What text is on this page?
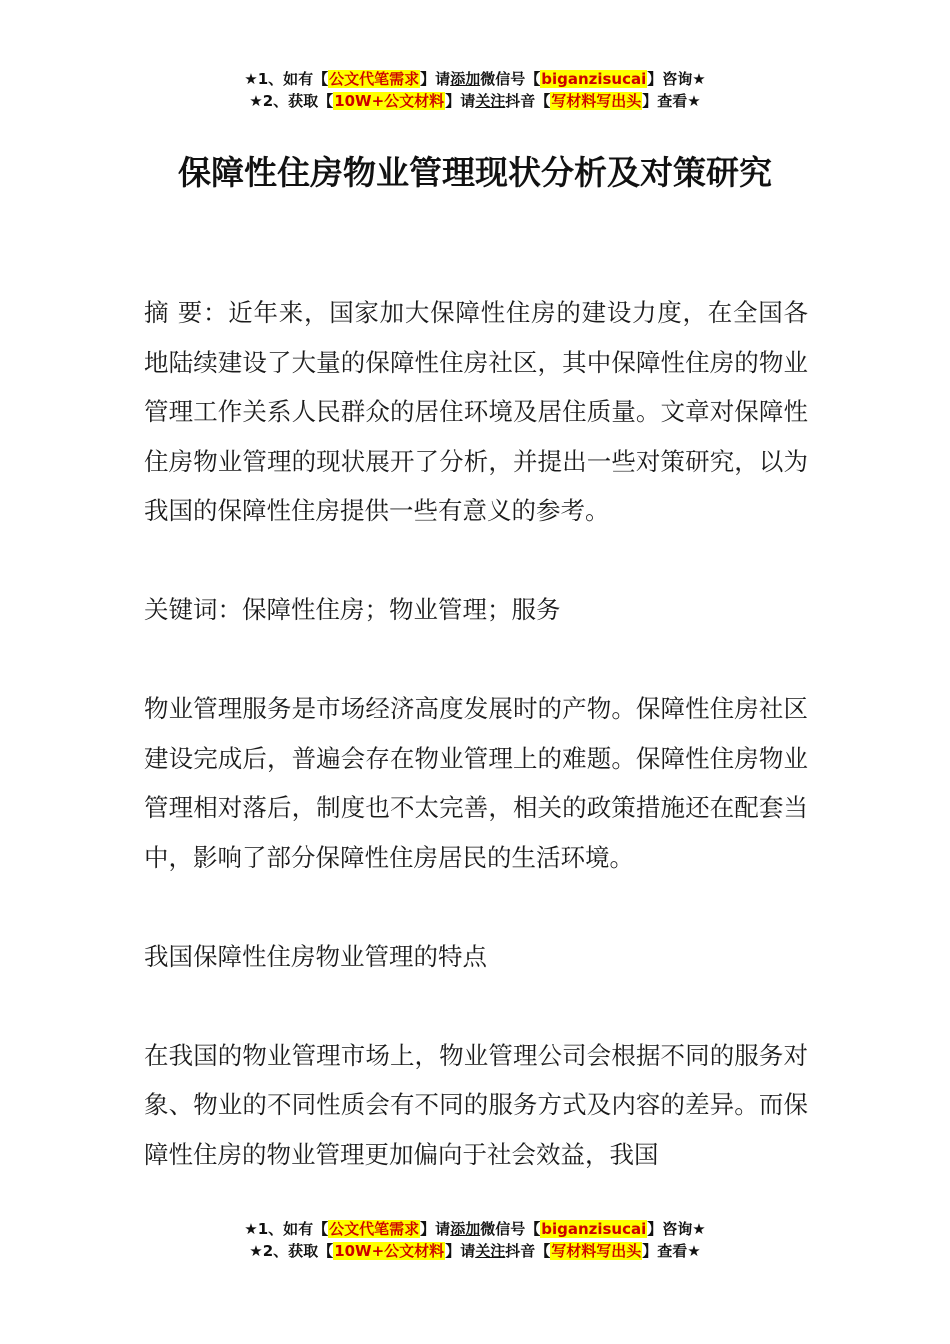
★1、如有【公文代笔需求】请添加微信号【biganzisucai】咨询★
★2、获取【10W+公文材料】请关注抖音【写材料写出头】查看★
保障性住房物业管理现状分析及对策研究

摘 要：近年来，国家加大保障性住房的建设力度，在全国各地陆续建设了大量的保障性住房社区，其中保障性住房的物业管理工作关系人民群众的居住环境及居住质量。文章对保障性住房物业管理的现状展开了分析，并提出一些对策研究，以为我国的保障性住房提供一些有意义的参考。

关键词：保障性住房；物业管理；服务

物业管理服务是市场经济高度发展时的产物。保障性住房社区建设完成后，普遍会存在物业管理上的难题。保障性住房物业管理相对落后，制度也不太完善，相关的政策措施还在配套当中，影响了部分保障性住房居民的生活环境。

我国保障性住房物业管理的特点

在我国的物业管理市场上，物业管理公司会根据不同的服务对象、物业的不同性质会有不同的服务方式及内容的差异。而保障性住房的物业管理更加偏向于社会效益，我国

★1、如有【公文代笔需求】请添加微信号【biganzisucai】咨询★
★2、获取【10W+公文材料】请关注抖音【写材料写出头】查看★
